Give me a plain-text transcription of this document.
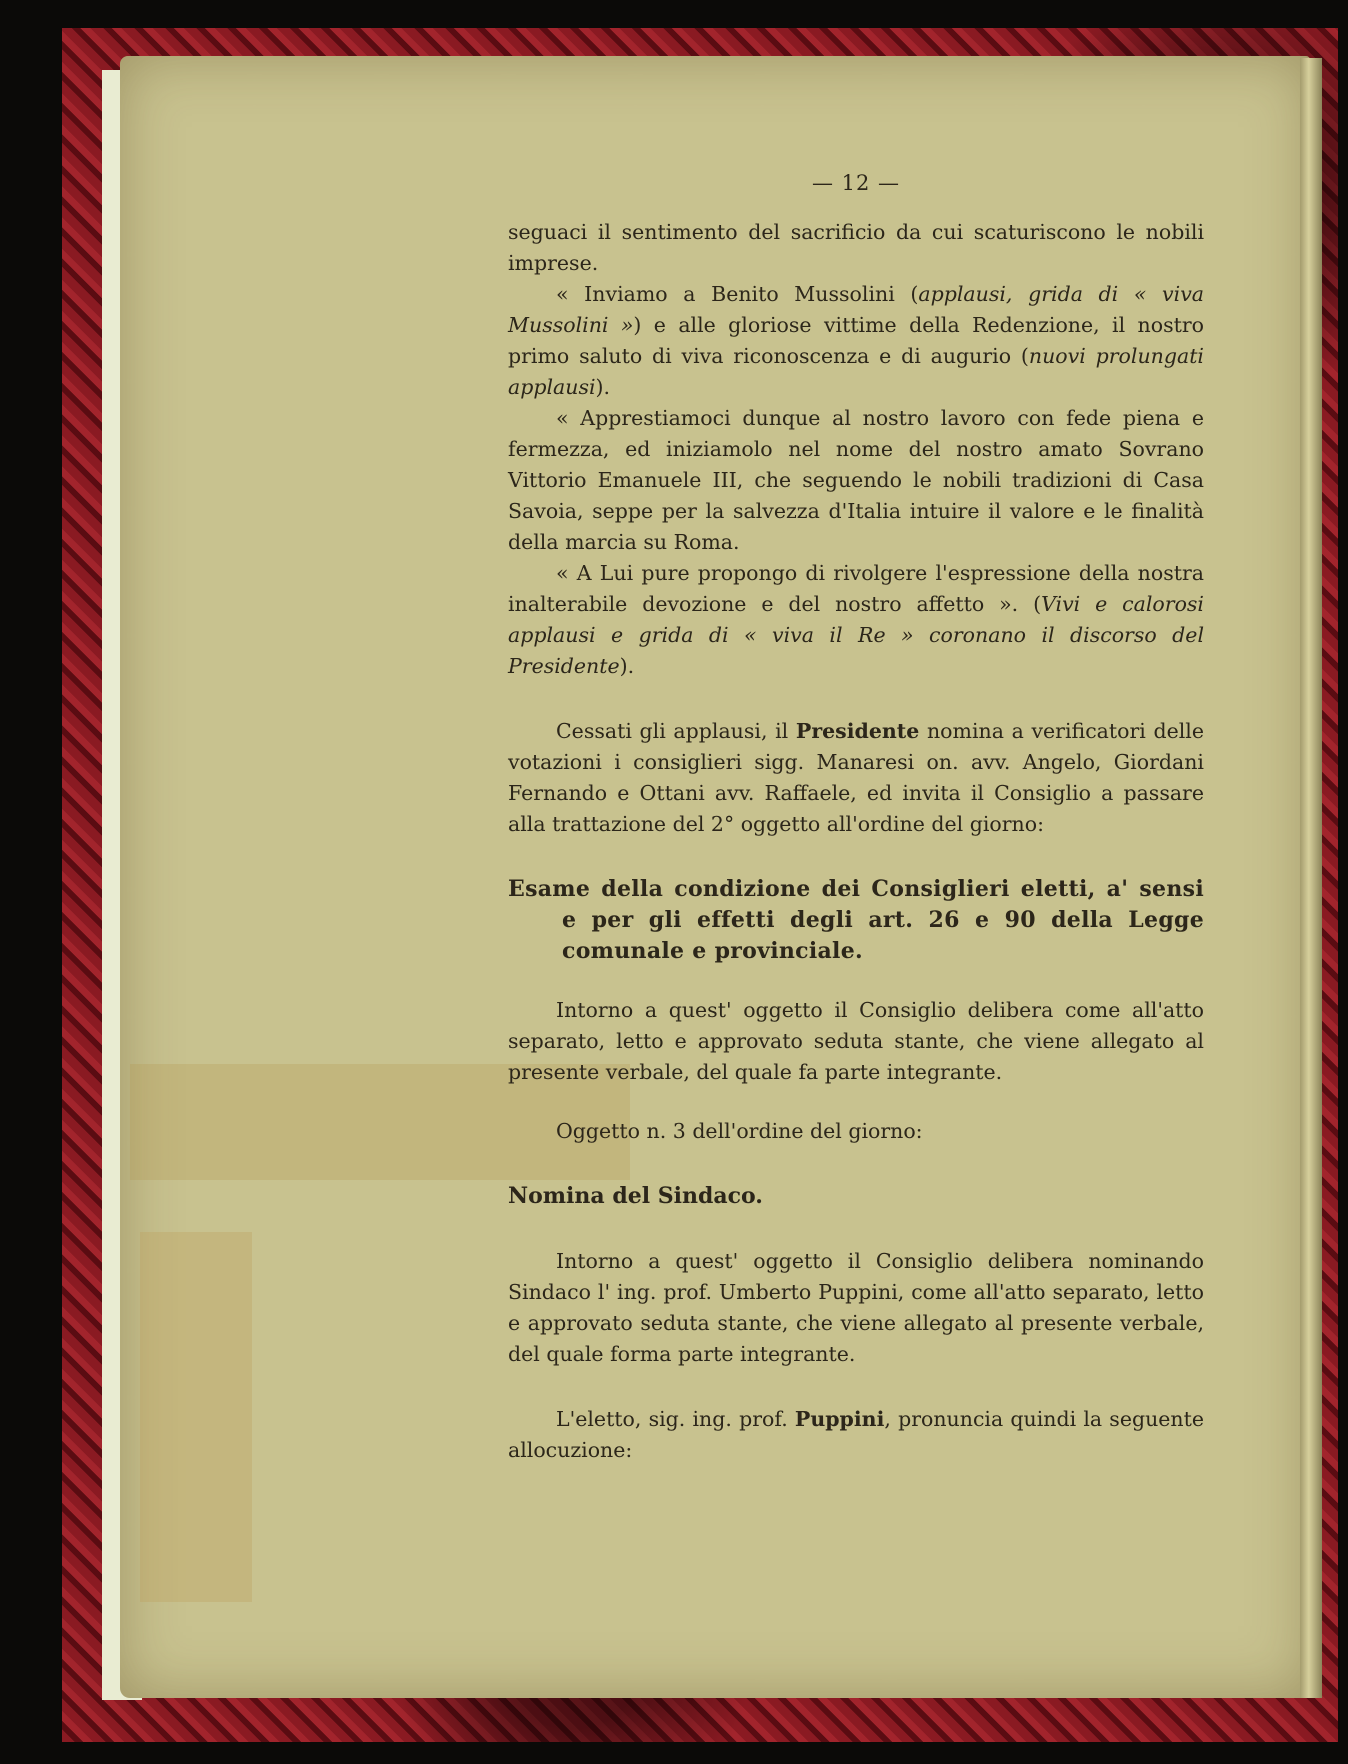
— 12 —

seguaci il sentimento del sacrificio da cui scaturiscono le nobili imprese.

« Inviamo a Benito Mussolini (applausi, grida di « viva Mussolini ») e alle gloriose vittime della Redenzione, il nostro primo saluto di viva riconoscenza e di augurio (nuovi prolungati applausi).

« Apprestiamoci dunque al nostro lavoro con fede piena e fermezza, ed iniziamolo nel nome del nostro amato Sovrano Vittorio Emanuele III, che seguendo le nobili tradizioni di Casa Savoia, seppe per la salvezza d'Italia intuire il valore e le finalità della marcia su Roma.

« A Lui pure propongo di rivolgere l'espressione della nostra inalterabile devozione e del nostro affetto ». (Vivi e calorosi applausi e grida di « viva il Re » coronano il discorso del Presidente).

Cessati gli applausi, il Presidente nomina a verificatori delle votazioni i consiglieri sigg. Manaresi on. avv. Angelo, Giordani Fernando e Ottani avv. Raffaele, ed invita il Consiglio a passare alla trattazione del 2° oggetto all'ordine del giorno:

Esame della condizione dei Consiglieri eletti, a' sensi e per gli effetti degli art. 26 e 90 della Legge comunale e provinciale.

Intorno a quest' oggetto il Consiglio delibera come all'atto separato, letto e approvato seduta stante, che viene allegato al presente verbale, del quale fa parte integrante.

Oggetto n. 3 dell'ordine del giorno:

Nomina del Sindaco.

Intorno a quest' oggetto il Consiglio delibera nominando Sindaco l' ing. prof. Umberto Puppini, come all'atto separato, letto e approvato seduta stante, che viene allegato al presente verbale, del quale forma parte integrante.

L'eletto, sig. ing. prof. Puppini, pronuncia quindi la seguente allocuzione:
